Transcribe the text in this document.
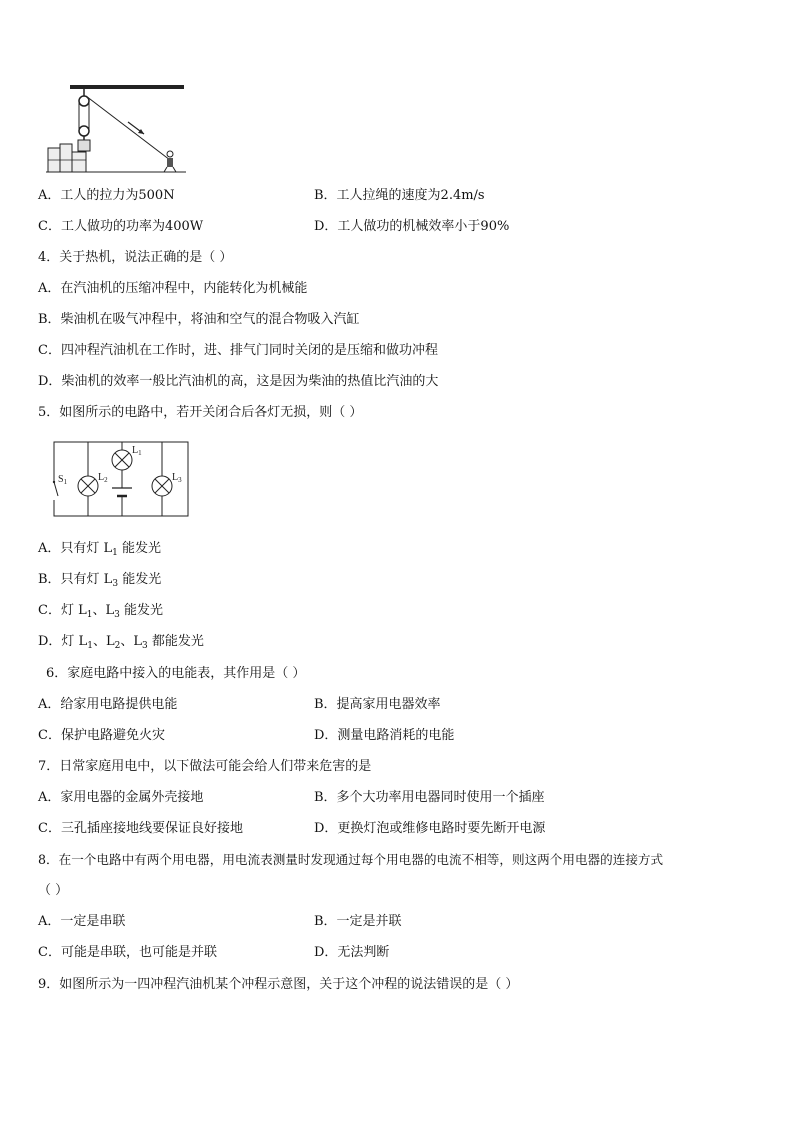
A．工人的拉力为500N	B．工人拉绳的速度为2.4m/s
C．工人做功的功率为400W	D．工人做功的机械效率小于90%
4．关于热机，说法正确的是（ ）
A．在汽油机的压缩冲程中，内能转化为机械能
B．柴油机在吸气冲程中，将油和空气的混合物吸入汽缸
C．四冲程汽油机在工作时，进、排气门同时关闭的是压缩和做功冲程
D．柴油机的效率一般比汽油机的高，这是因为柴油的热值比汽油的大
5．如图所示的电路中，若开关闭合后各灯无损，则（ ）
$S_1$
$L_1$
$L_2$	$L_3$
A．只有灯 $L_1$ 能发光
B．只有灯 $L_3$ 能发光
C．灯 $L_1$、$L_3$ 能发光
D．灯 $L_1$、$L_2$、$L_3$ 都能发光
6．家庭电路中接入的电能表，其作用是（ ）
A．给家用电路提供电能	B．提高家用电器效率
C．保护电路避免火灾	D．测量电路消耗的电能
7．日常家庭用电中，以下做法可能会给人们带来危害的是
A．家用电器的金属外壳接地	B．多个大功率用电器同时使用一个插座
C．三孔插座接地线要保证良好接地	D．更换灯泡或维修电路时要先断开电源
8．在一个电路中有两个用电器，用电流表测量时发现通过每个用电器的电流不相等，则这两个用电器的连接方式
（ ）
A．一定是串联	B．一定是并联
C．可能是串联，也可能是并联	D．无法判断
9．如图所示为一四冲程汽油机某个冲程示意图，关于这个冲程的说法错误的是（ ）
